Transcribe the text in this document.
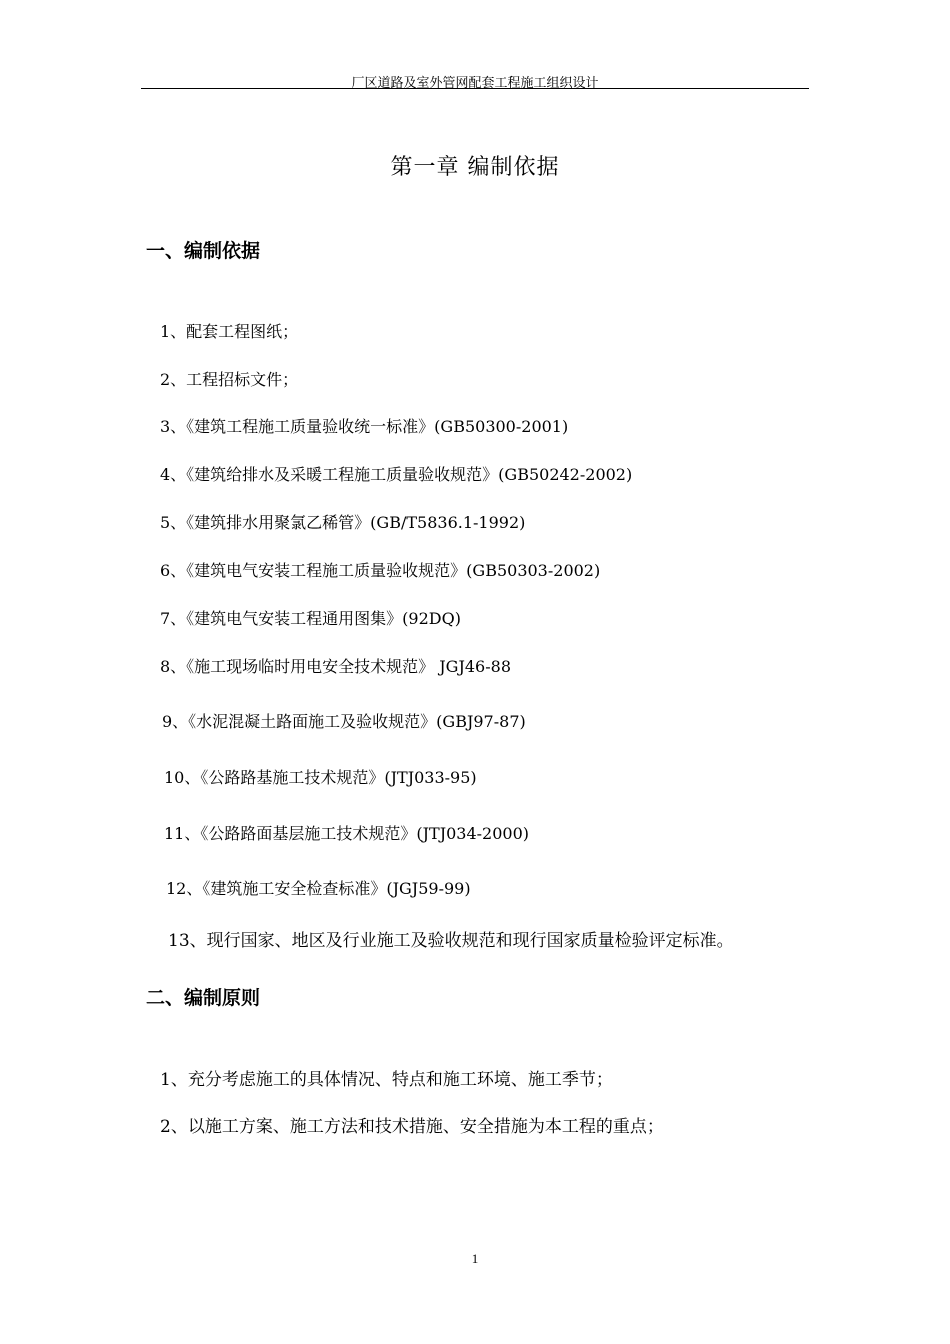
厂区道路及室外管网配套工程施工组织设计
第一章 编制依据
一、编制依据
1、配套工程图纸；
2、工程招标文件；
3、《建筑工程施工质量验收统一标准》(GB50300-2001)
4、《建筑给排水及采暖工程施工质量验收规范》(GB50242-2002)
5、《建筑排水用聚氯乙稀管》(GB/T5836.1-1992)
6、《建筑电气安装工程施工质量验收规范》(GB50303-2002)
7、《建筑电气安装工程通用图集》(92DQ)
8、《施工现场临时用电安全技术规范》 JGJ46-88
9、《水泥混凝土路面施工及验收规范》(GBJ97-87)
10、《公路路基施工技术规范》(JTJ033-95)
11、《公路路面基层施工技术规范》(JTJ034-2000)
12、《建筑施工安全检查标准》(JGJ59-99)
13、现行国家、地区及行业施工及验收规范和现行国家质量检验评定标准。
二、编制原则
1、充分考虑施工的具体情况、特点和施工环境、施工季节；
2、以施工方案、施工方法和技术措施、安全措施为本工程的重点；
1
